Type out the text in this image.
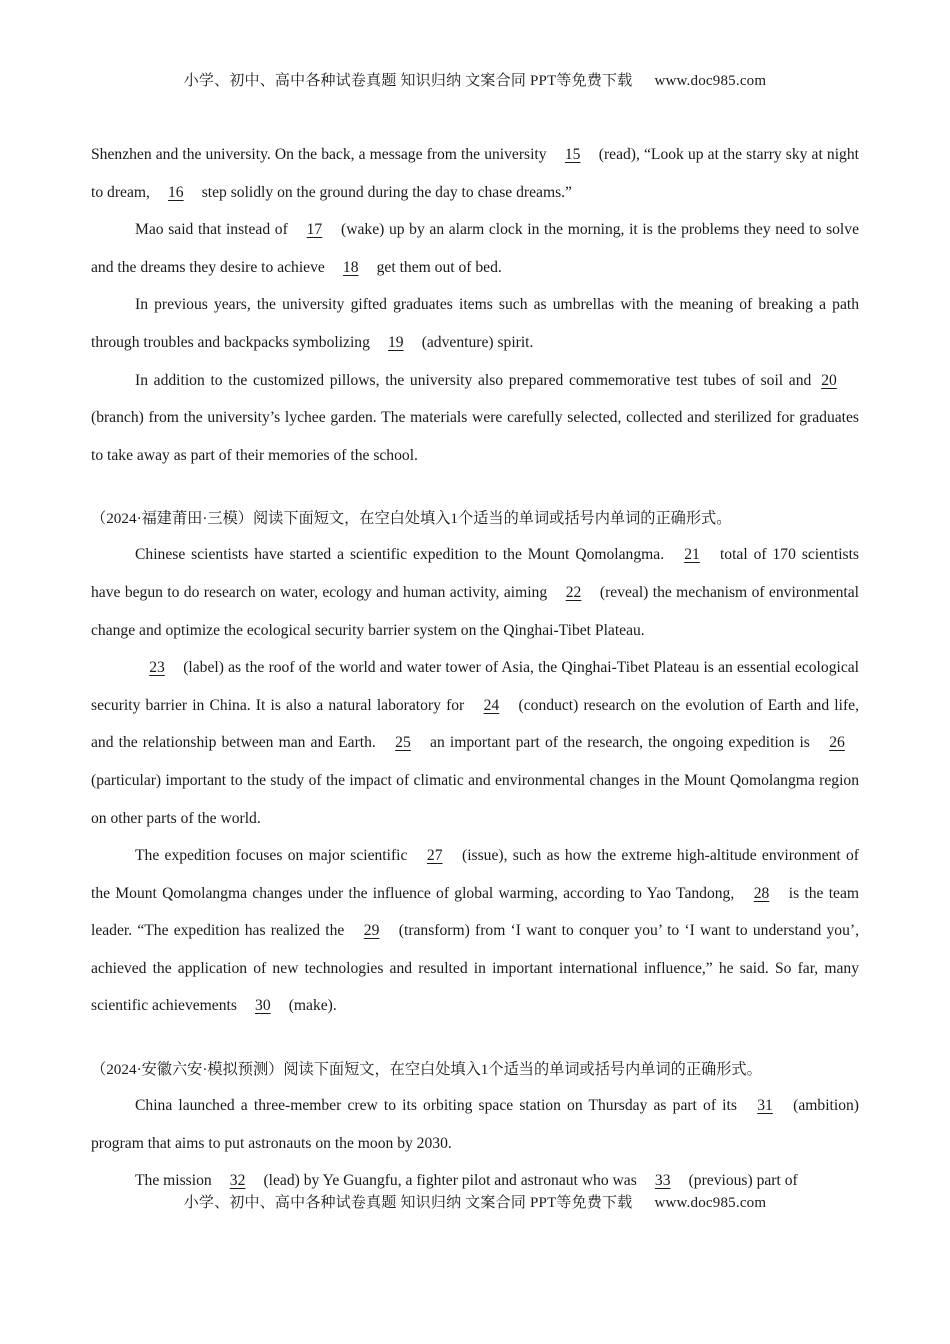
小学、初中、高中各种试卷真题 知识归纳 文案合同 PPT等免费下载 www.doc985.com

Shenzhen and the university. On the back, a message from the university 15 (read), “Look up at the starry sky at night to dream, 16 step solidly on the ground during the day to chase dreams.”

Mao said that instead of 17 (wake) up by an alarm clock in the morning, it is the problems they need to solve and the dreams they desire to achieve 18 get them out of bed.

In previous years, the university gifted graduates items such as umbrellas with the meaning of breaking a path through troubles and backpacks symbolizing 19 (adventure) spirit.

In addition to the customized pillows, the university also prepared commemorative test tubes of soil and 20 (branch) from the university’s lychee garden. The materials were carefully selected, collected and sterilized for graduates to take away as part of their memories of the school.

（2024·福建莆田·三模）阅读下面短文，在空白处填入1个适当的单词或括号内单词的正确形式。

Chinese scientists have started a scientific expedition to the Mount Qomolangma. 21 total of 170 scientists have begun to do research on water, ecology and human activity, aiming 22 (reveal) the mechanism of environmental change and optimize the ecological security barrier system on the Qinghai-Tibet Plateau.

23 (label) as the roof of the world and water tower of Asia, the Qinghai-Tibet Plateau is an essential ecological security barrier in China. It is also a natural laboratory for 24 (conduct) research on the evolution of Earth and life, and the relationship between man and Earth. 25 an important part of the research, the ongoing expedition is 26 (particular) important to the study of the impact of climatic and environmental changes in the Mount Qomolangma region on other parts of the world.

The expedition focuses on major scientific 27 (issue), such as how the extreme high-altitude environment of the Mount Qomolangma changes under the influence of global warming, according to Yao Tandong, 28 is the team leader. “The expedition has realized the 29 (transform) from ‘I want to conquer you’ to ‘I want to understand you’, achieved the application of new technologies and resulted in important international influence,” he said. So far, many scientific achievements 30 (make).

（2024·安徽六安·模拟预测）阅读下面短文，在空白处填入1个适当的单词或括号内单词的正确形式。

China launched a three-member crew to its orbiting space station on Thursday as part of its 31 (ambition) program that aims to put astronauts on the moon by 2030.

The mission 32 (lead) by Ye Guangfu, a fighter pilot and astronaut who was 33 (previous) part of

小学、初中、高中各种试卷真题 知识归纳 文案合同 PPT等免费下载 www.doc985.com
